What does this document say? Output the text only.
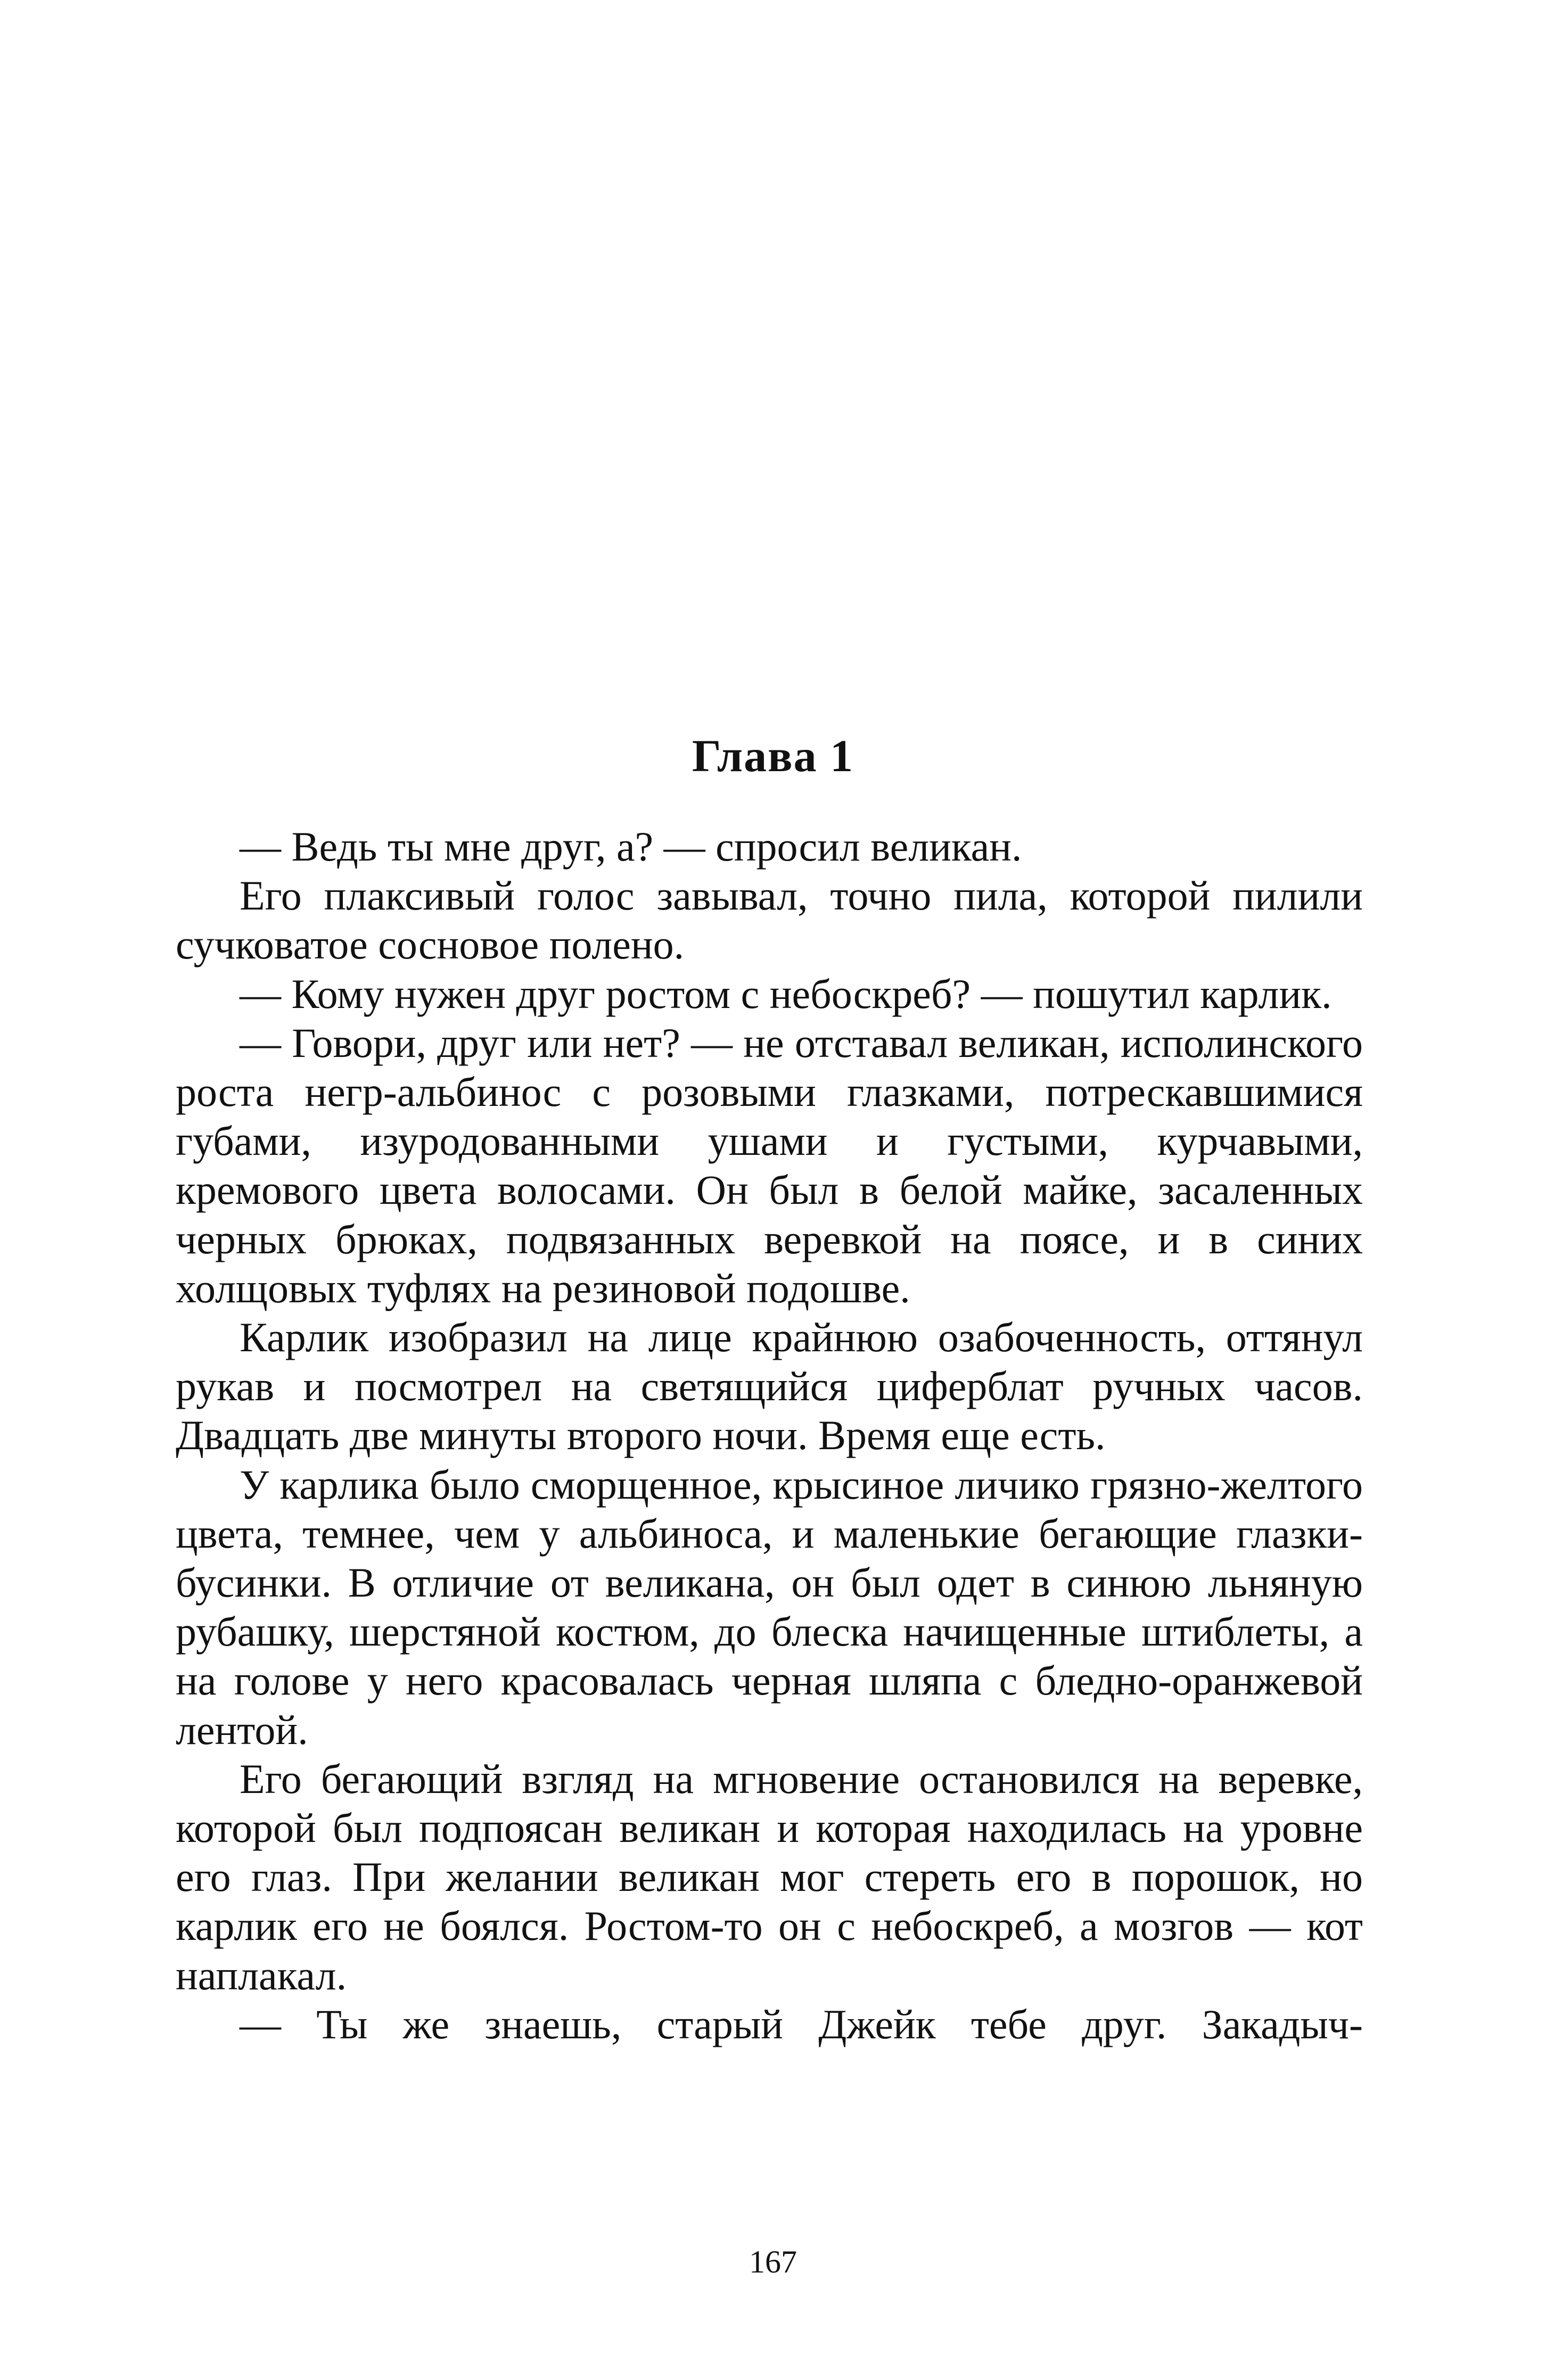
Глава 1

— Ведь ты мне друг, а? — спросил великан.

Его плаксивый голос завывал, точно пила, которой пилили сучковатое сосновое полено.

— Кому нужен друг ростом с небоскреб? — пошутил карлик.

— Говори, друг или нет? — не отставал великан, исполинского роста негр-альбинос с розовыми глазками, потрескавшимися губами, изуродованными ушами и густыми, курчавыми, кремового цвета волосами. Он был в белой майке, засаленных черных брюках, подвязанных веревкой на поясе, и в синих холщовых туфлях на резиновой подошве.

Карлик изобразил на лице крайнюю озабоченность, оттянул рукав и посмотрел на светящийся циферблат ручных часов. Двадцать две минуты второго ночи. Время еще есть.

У карлика было сморщенное, крысиное личико грязно-желтого цвета, темнее, чем у альбиноса, и маленькие бегающие глазки-бусинки. В отличие от великана, он был одет в синюю льняную рубашку, шерстяной костюм, до блеска начищенные штиблеты, а на голове у него красовалась черная шляпа с бледно-оранжевой лентой.

Его бегающий взгляд на мгновение остановился на веревке, которой был подпоясан великан и которая находилась на уровне его глаз. При желании великан мог стереть его в порошок, но карлик его не боялся. Ростом-то он с небоскреб, а мозгов — кот наплакал.

— Ты же знаешь, старый Джейк тебе друг. Закадыч-

167
